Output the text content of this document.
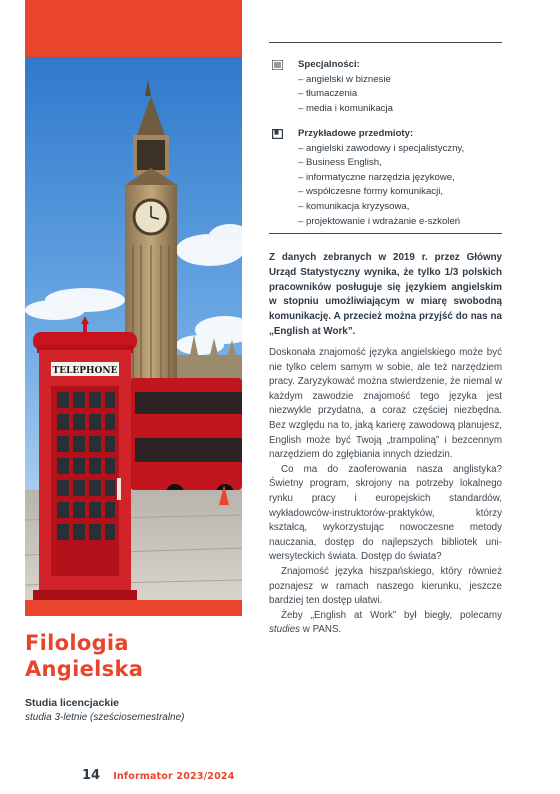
TELEPHONE
Filologia
Angielska
Studia licencjackie
studia 3-letnie (sześciosemestralne)
Specjalności:
– angielski w biznesie
– tłumaczenia
– media i komunikacja
Przykładowe przedmioty:
– angielski zawodowy i specjalistyczny,
– Business English,
– informatyczne narzędzia językowe,
– współczesne formy komunikacji,
– komunikacja kryzysowa,
– projektowanie i wdrażanie e-szkoleń

Z danych zebranych w 2019 r. przez Główny Urząd Statystyczny wynika, że tylko 1/3 polskich pracowników posługuje się językiem angielskim w stopniu umożliwiającym w miarę swobodną komunikację. A przecież można przyjść do nas na „English at Work”.

Doskonała znajomość języka angielskiego może być nie tylko celem samym w sobie, ale też narzędziem pracy. Zaryzykować można stwierdzenie, że niemal w każdym zawodzie znajomość tego języka jest niezwykle przydatna, a coraz częściej niezbędna. Bez względu na to, jaką karierę zawodową planujesz, English może być Twoją „trampoliną” i bezcennym narzędziem do zgłębiania innych dziedzin.

Co ma do zaoferowania nasza anglistyka? Świetny program, skrojony na potrzeby lokalnego rynku pracy i europejskich standardów, wykładowców-instruktorów-praktyków, którzy kształcą, wykorzystując nowoczesne metody nauczania, dostęp do najlepszych bibliotek uniwersyteckich świata. Dostęp do świata?

Znajomość języka hiszpańskiego, który również poznajesz w ramach naszego kierunku, jeszcze bardziej ten dostęp ułatwi.

Żeby „English at Work” był biegły, polecamy studies w PANS.

14 Informator 2023/2024
